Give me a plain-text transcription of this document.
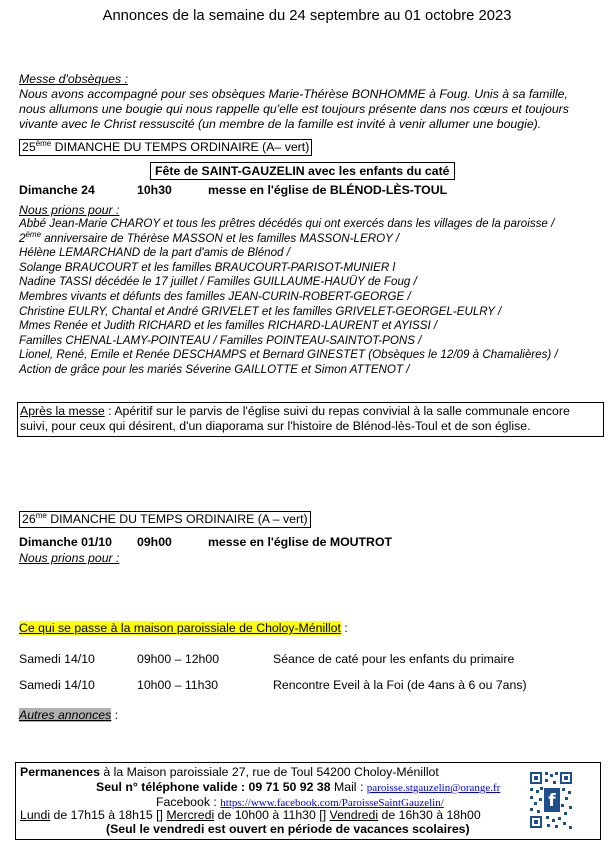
Annonces de la semaine du 24 septembre au 01 octobre 2023
Messe d'obsèques :
Nous avons accompagné pour ses obsèques Marie-Thérèse BONHOMME à Foug. Unis à sa famille,
nous allumons une bougie qui nous rappelle qu'elle est toujours présente dans nos cœurs et toujours
vivante avec le Christ ressuscité (un membre de la famille est invité à venir allumer une bougie).
25ème DIMANCHE DU TEMPS ORDINAIRE (A– vert)
Fête de SAINT-GAUZELIN avec les enfants du caté
Dimanche 24	10h30	messe en l'église de BLÉNOD-LÈS-TOUL
Nous prions pour :
Abbé Jean-Marie CHAROY et tous les prêtres décédés qui ont exercés dans les villages de la paroisse /
2ème anniversaire de Thérèse MASSON et les familles MASSON-LEROY /
Hélène LEMARCHAND de la part d'amis de Blénod /
Solange BRAUCOURT et les familles BRAUCOURT-PARISOT-MUNIER l
Nadine TASSI décédée le 17 juillet / Familles GUILLAUME-HAUÜY de Foug /
Membres vivants et défunts des familles JEAN-CURIN-ROBERT-GEORGE /
Christine EULRY, Chantal et André GRIVELET et les familles GRIVELET-GEORGEL-EULRY /
Mmes Renée et Judith RICHARD et les familles RICHARD-LAURENT et AYISSI /
Familles CHENAL-LAMY-POINTEAU / Familles POINTEAU-SAINTOT-PONS /
Lionel, René, Emile et Renée DESCHAMPS et Bernard GINESTET (Obsèques le 12/09 à Chamalières) /
Action de grâce pour les mariés Séverine GAILLOTTE et Simon ATTENOT /
Après la messe : Apéritif sur le parvis de l'église suivi du repas convivial à la salle communale encore
suivi, pour ceux qui désirent, d'un diaporama sur l'histoire de Blénod-lès-Toul et de son église.
$26^{me}$ DIMANCHE DU TEMPS ORDINAIRE (A – vert)
Dimanche 01/10 09h00	messe en l'église de MOUTROT
Nous prions pour :
Ce qui se passe à la maison paroissiale de Choloy-Ménillot :
Samedi 14/10	09h00 – 12h00	Séance de caté pour les enfants du primaire
Samedi 14/10	10h00 – 11h30	Rencontre Eveil à la Foi (de 4ans à 6 ou 7ans)
Autres annonces :
Permanences à la Maison paroissiale 27, rue de Toul 54200 Choloy-Ménillot
Seul n° téléphone valide : 09 71 50 92 38 Mail : paroisse.stgauzelin@orange.fr
Facebook : https://www.facebook.com/ParoisseSaintGauzelin/
Lundi de 17h15 à 18h15 [] Mercredi de 10h00 à 11h30 [] Vendredi de 16h30 à 18h00
(Seul le vendredi est ouvert en période de vacances scolaires)
f
